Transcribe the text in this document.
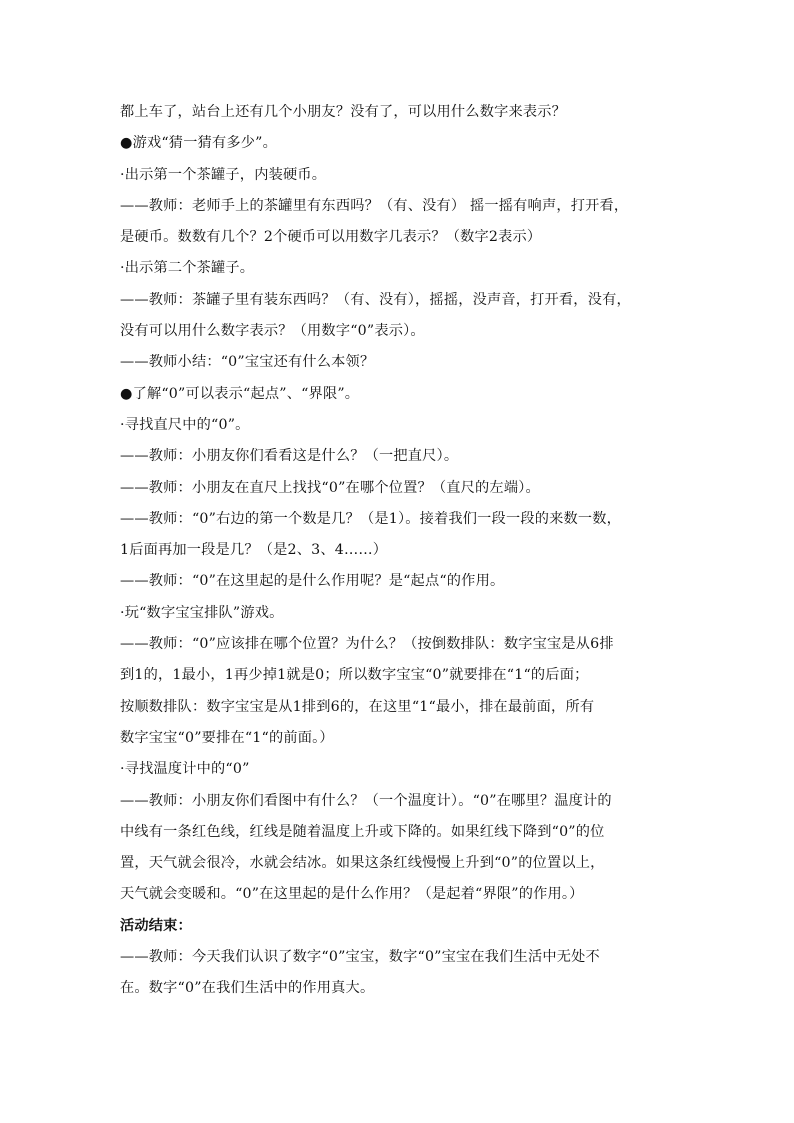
都上车了，站台上还有几个小朋友？没有了，可以用什么数字来表示？
●游戏“猜一猜有多少”。
·出示第一个茶罐子，内装硬币。
——教师：老师手上的茶罐里有东西吗？（有、没有） 摇一摇有响声，打开看，
是硬币。数数有几个？2个硬币可以用数字几表示？（数字2表示）
·出示第二个茶罐子。
——教师：茶罐子里有装东西吗？（有、没有），摇摇，没声音，打开看，没有，
没有可以用什么数字表示？（用数字“0”表示）。
——教师小结：“0”宝宝还有什么本领？
●了解“0”可以表示“起点”、“界限”。
·寻找直尺中的“0”。
——教师：小朋友你们看看这是什么？（一把直尺）。
——教师：小朋友在直尺上找找“0”在哪个位置？（直尺的左端）。
——教师：“0”右边的第一个数是几？（是1）。接着我们一段一段的来数一数，
1后面再加一段是几？（是2、3、4……）
——教师：“0”在这里起的是什么作用呢？是“起点“的作用。
·玩“数字宝宝排队”游戏。
——教师：“0”应该排在哪个位置？为什么？（按倒数排队：数字宝宝是从6排
到1的，1最小，1再少掉1就是0；所以数字宝宝“0”就要排在“1“的后面；
按顺数排队：数字宝宝是从1排到6的，在这里“1“最小，排在最前面，所有
数字宝宝“0”要排在“1“的前面。）
·寻找温度计中的“0”
——教师：小朋友你们看图中有什么？（一个温度计）。“0”在哪里？温度计的
中线有一条红色线，红线是随着温度上升或下降的。如果红线下降到“0”的位
置，天气就会很冷，水就会结冰。如果这条红线慢慢上升到“0”的位置以上，
天气就会变暖和。“0”在这里起的是什么作用？（是起着“界限”的作用。）
活动结束：
——教师：今天我们认识了数字“0”宝宝，数字“0”宝宝在我们生活中无处不
在。数字“0”在我们生活中的作用真大。
